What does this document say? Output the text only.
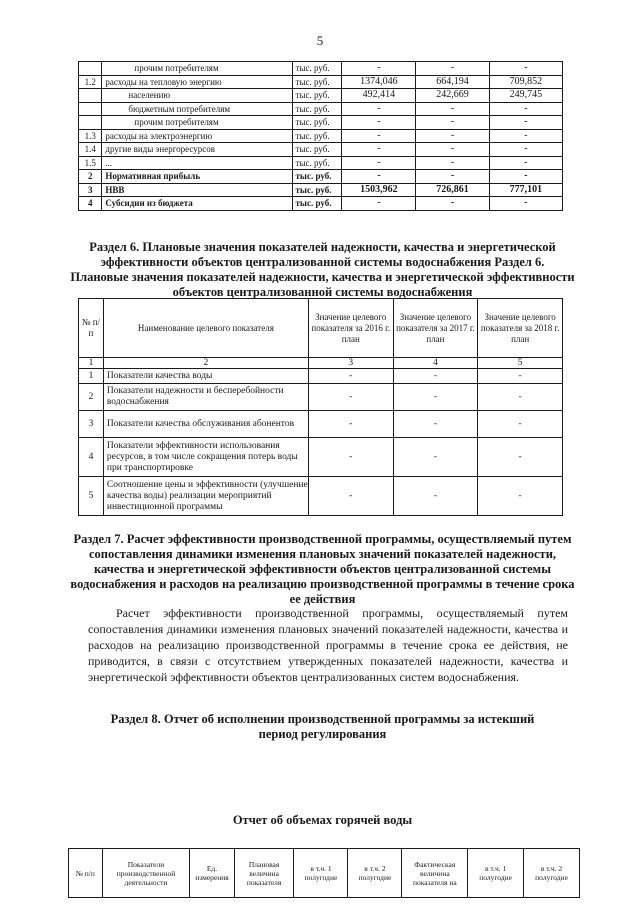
5
	прочим потребителям	тыс. руб.	-	-	-
1.2	расходы на тепловую энергию	тыс. руб.	1374,046	664,194	709,852
	населению	тыс. руб.	492,414	242,669	249,745
	бюджетным потребителям	тыс. руб.	-	-	-
	прочим потребителям	тыс. руб.	-	-	-
1.3	расходы на электроэнергию	тыс. руб.	-	-	-
1.4	другие виды энергоресурсов	тыс. руб.	-	-	-
1.5	...	тыс. руб.	-	-	-
2	Нормативная прибыль	тыс. руб.	-	-	-
3	НВВ	тыс. руб.	1503,962	726,861	777,101
4	Субсидии из бюджета	тыс. руб.	-	-	-
Раздел 6. Плановые значения показателей надежности, качества и энергетической эффективности объектов централизованной системы водоснабжения Раздел 6. Плановые значения показателей надежности, качества и энергетической эффективности объектов централизованной системы водоснабжения
№ п/ п	Наименование целевого показателя	Значение целевого показателя за 2016 г. план	Значение целевого показателя за 2017 г. план	Значение целевого показателя за 2018 г. план
1	2	3	4	5
1	Показатели качества воды	-	-	-
2	Показатели надежности и бесперебойности водоснабжения	-	-	-
3	Показатели качества обслуживания абонентов	-	-	-
4	Показатели эффективности использования ресурсов, в том числе сокращения потерь воды при транспортировке	-	-	-
5	Соотношение цены и эффективности (улучшение качества воды) реализации мероприятий инвестиционной программы	-	-	-
Раздел 7. Расчет эффективности производственной программы, осуществляемый путем сопоставления динамики изменения плановых значений показателей надежности, качества и энергетической эффективности объектов централизованной системы водоснабжения и расходов на реализацию производственной программы в течение срока ее действия
Расчет эффективности производственной программы, осуществляемый путем сопоставления динамики изменения плановых значений показателей надежности, качества и расходов на реализацию производственной программы в течение срока ее действия, не приводится, в связи с отсутствием утвержденных показателей надежности, качества и энергетической эффективности объектов централизованных систем водоснабжения.
Раздел 8. Отчет об исполнении производственной программы за истекший период регулирования
Отчет об объемах горячей воды
№ п/п	Показатели производственной деятельности	Ед. измерения	Плановая величина показателя	в т.ч. 1 полугодие	в т.ч. 2 полугодие	Фактическая величина показателя на	в т.ч. 1 полугодие	в т.ч. 2 полугодие
